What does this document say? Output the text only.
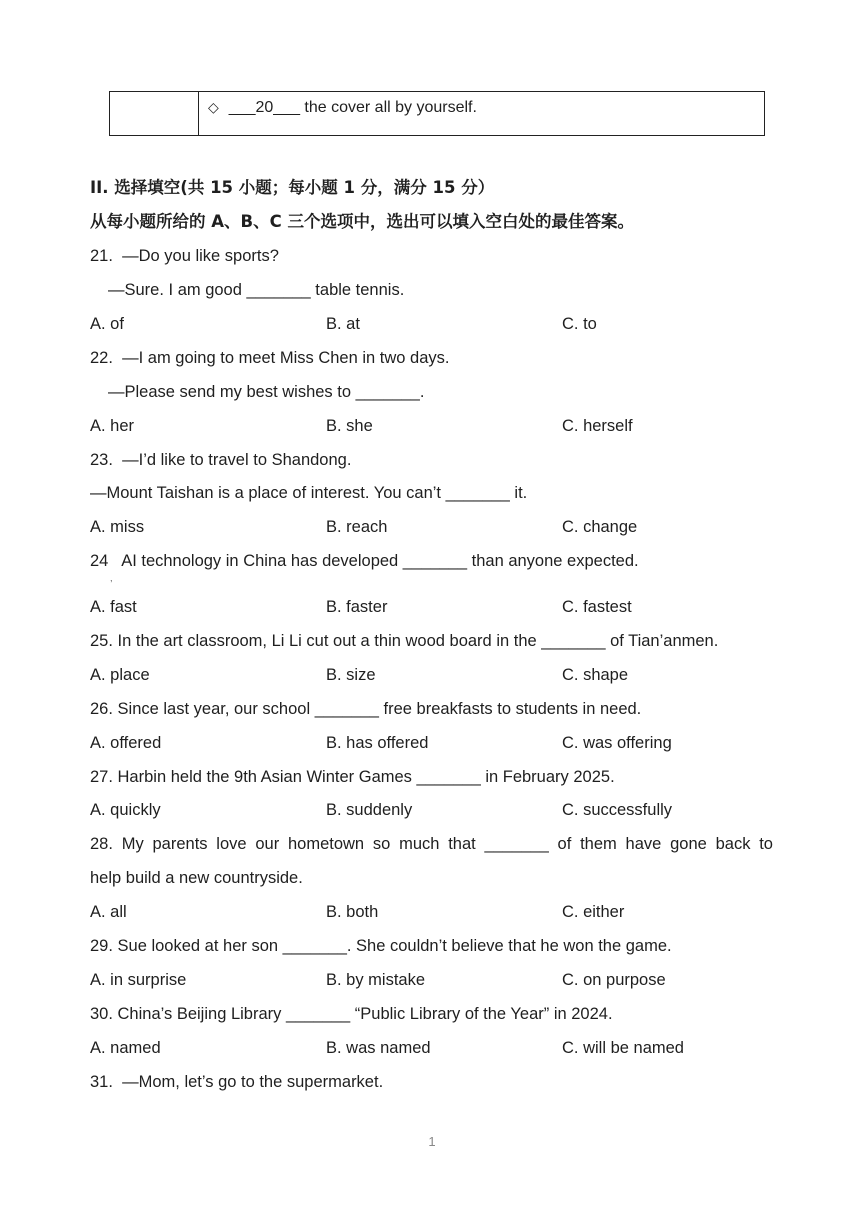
◇ ___20___ the cover all by yourself.
II. 选择填空(共 15 小题；每小题 1 分，满分 15 分）
从每小题所给的 A、B、C 三个选项中，选出可以填入空白处的最佳答案。
21.  —Do you like sports?
—Sure. I am good _______ table tennis.
A. of	B. at	C. to
22.  —I am going to meet Miss Chen in two days.
—Please send my best wishes to _______.
A. her	B. she	C. herself
23.  —I’d like to travel to Shandong.
—Mount Taishan is a place of interest. You can’t _______ it.
A. miss	B. reach	C. change
24   AI technology in China has developed _______ than anyone expected.
,
A. fast	B. faster	C. fastest
25. In the art classroom, Li Li cut out a thin wood board in the _______ of Tian’anmen.
A. place	B. size	C. shape
26. Since last year, our school _______ free breakfasts to students in need.
A. offered	B. has offered	C. was offering
27. Harbin held the 9th Asian Winter Games _______ in February 2025.
A. quickly	B. suddenly	C. successfully
28. My parents love our hometown so much that _______ of them have gone back to
help build a new countryside.
A. all	B. both	C. either
29. Sue looked at her son _______. She couldn’t believe that he won the game.
A. in surprise	B. by mistake	C. on purpose
30. China’s Beijing Library _______ “Public Library of the Year” in 2024.
A. named	B. was named	C. will be named
31.  —Mom, let’s go to the supermarket.
1
